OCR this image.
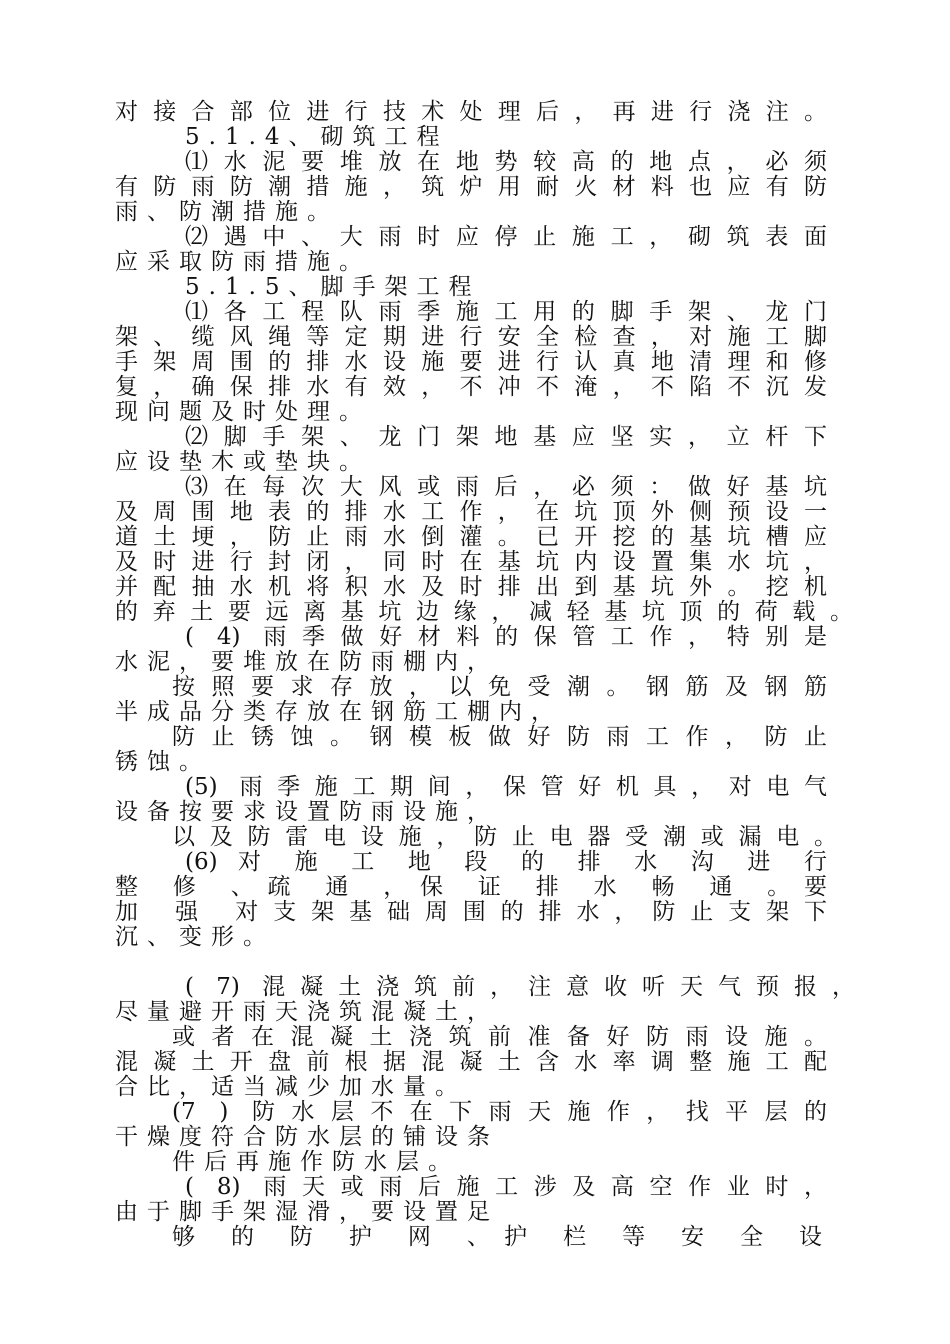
对接合部位进行技术处理后，再进行浇注。
5.1.4、砌筑工程
⑴水泥要堆放在地势较高的地点，必须
有防雨防潮措施，筑炉用耐火材料也应有防
雨、防潮措施。
⑵遇中、大雨时应停止施工，砌筑表面
应采取防雨措施。
5.1.5、脚手架工程
⑴各工程队雨季施工用的脚手架、龙门
架、缆风绳等定期进行安全检查，对施工脚
手架周围的排水设施要进行认真地清理和修
复，确保排水有效，不冲不淹，不陷不沉发
现问题及时处理。
⑵脚手架、龙门架地基应坚实，立杆下
应设垫木或垫块。
⑶在每次大风或雨后，必须：做好基坑
及周围地表的排水工作，在坑顶外侧预设一
道土埂，防止雨水倒灌。已开挖的基坑槽应
及时进行封闭，同时在基坑内设置集水坑，
并配抽水机将积水及时排出到基坑外。挖机
的弃土要远离基坑边缘，减轻基坑顶的荷载。
( 4) 雨季做好材料的保管工作，特别是
水泥，要堆放在防雨棚内，
按照要求存放，以免受潮。钢筋及钢筋
半成品分类存放在钢筋工棚内，
防止锈蚀。钢模板做好防雨工作，防止
锈蚀。
(5) 雨季施工期间，保管好机具，对电气
设备按要求设置防雨设施，
以及防雷电设施，防止电器受潮或漏电。
(6) 对 施 工 地 段 的 排 水 沟 进 行
整 修 、疏 通 ，保 证 排 水 畅 通 。要
加 强 对支架基础周围的排水，防止支架下
沉、变形。
( 7) 混凝土浇筑前，注意收听天气预报，
尽量避开雨天浇筑混凝土，
或者在混凝土浇筑前准备好防雨设施。
混凝土开盘前根据混凝土含水率调整施工配
合比，适当减少加水量。
(7 ) 防水层不在下雨天施作，找平层的
干燥度符合防水层的铺设条
件后再施作防水层。
( 8) 雨天或雨后施工涉及高空作业时，
由于脚手架湿滑，要设置足
够 的 防 护 网 、护 栏 等 安 全 设
